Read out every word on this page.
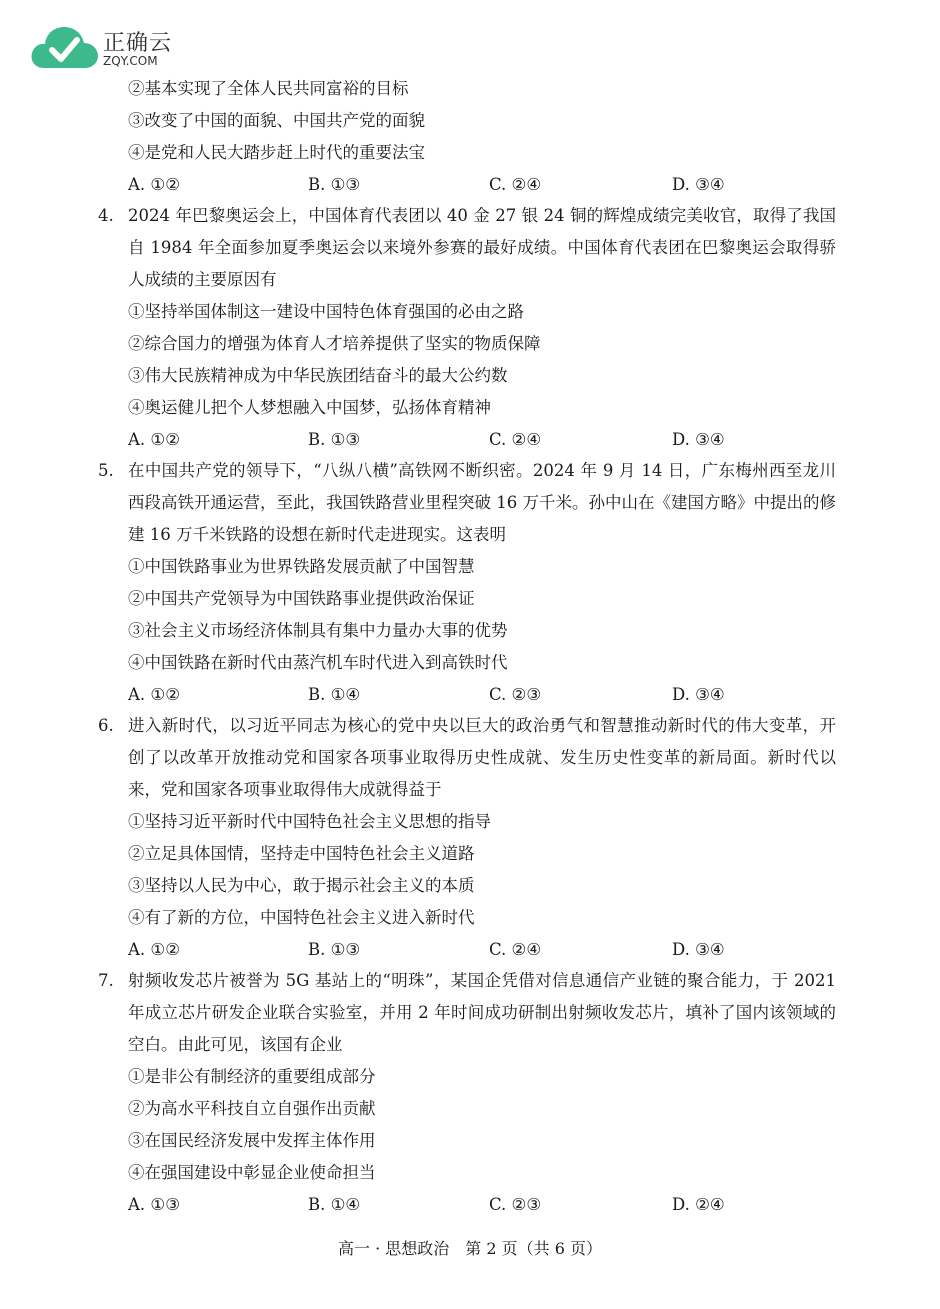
正确云
ZQY.COM
②基本实现了全体人民共同富裕的目标
③改变了中国的面貌、中国共产党的面貌
④是党和人民大踏步赶上时代的重要法宝
A. ①②	B. ①③	C. ②④	D. ③④
4. 2024 年巴黎奥运会上，中国体育代表团以 40 金 27 银 24 铜的辉煌成绩完美收官，取得了我国自 1984 年全面参加夏季奥运会以来境外参赛的最好成绩。中国体育代表团在巴黎奥运会取得骄人成绩的主要原因有
①坚持举国体制这一建设中国特色体育强国的必由之路
②综合国力的增强为体育人才培养提供了坚实的物质保障
③伟大民族精神成为中华民族团结奋斗的最大公约数
④奥运健儿把个人梦想融入中国梦，弘扬体育精神
A. ①②	B. ①③	C. ②④	D. ③④
5. 在中国共产党的领导下，“八纵八横”高铁网不断织密。2024 年 9 月 14 日，广东梅州西至龙川西段高铁开通运营，至此，我国铁路营业里程突破 16 万千米。孙中山在《建国方略》中提出的修建 16 万千米铁路的设想在新时代走进现实。这表明
①中国铁路事业为世界铁路发展贡献了中国智慧
②中国共产党领导为中国铁路事业提供政治保证
③社会主义市场经济体制具有集中力量办大事的优势
④中国铁路在新时代由蒸汽机车时代进入到高铁时代
A. ①②	B. ①④	C. ②③	D. ③④
6. 进入新时代，以习近平同志为核心的党中央以巨大的政治勇气和智慧推动新时代的伟大变革，开创了以改革开放推动党和国家各项事业取得历史性成就、发生历史性变革的新局面。新时代以来，党和国家各项事业取得伟大成就得益于
①坚持习近平新时代中国特色社会主义思想的指导
②立足具体国情，坚持走中国特色社会主义道路
③坚持以人民为中心，敢于揭示社会主义的本质
④有了新的方位，中国特色社会主义进入新时代
A. ①②	B. ①③	C. ②④	D. ③④
7. 射频收发芯片被誉为 5G 基站上的“明珠”，某国企凭借对信息通信产业链的聚合能力，于 2021 年成立芯片研发企业联合实验室，并用 2 年时间成功研制出射频收发芯片，填补了国内该领域的空白。由此可见，该国有企业
①是非公有制经济的重要组成部分
②为高水平科技自立自强作出贡献
③在国民经济发展中发挥主体作用
④在强国建设中彰显企业使命担当
A. ①③	B. ①④	C. ②③	D. ②④
高一 · 思想政治　第 2 页（共 6 页）
